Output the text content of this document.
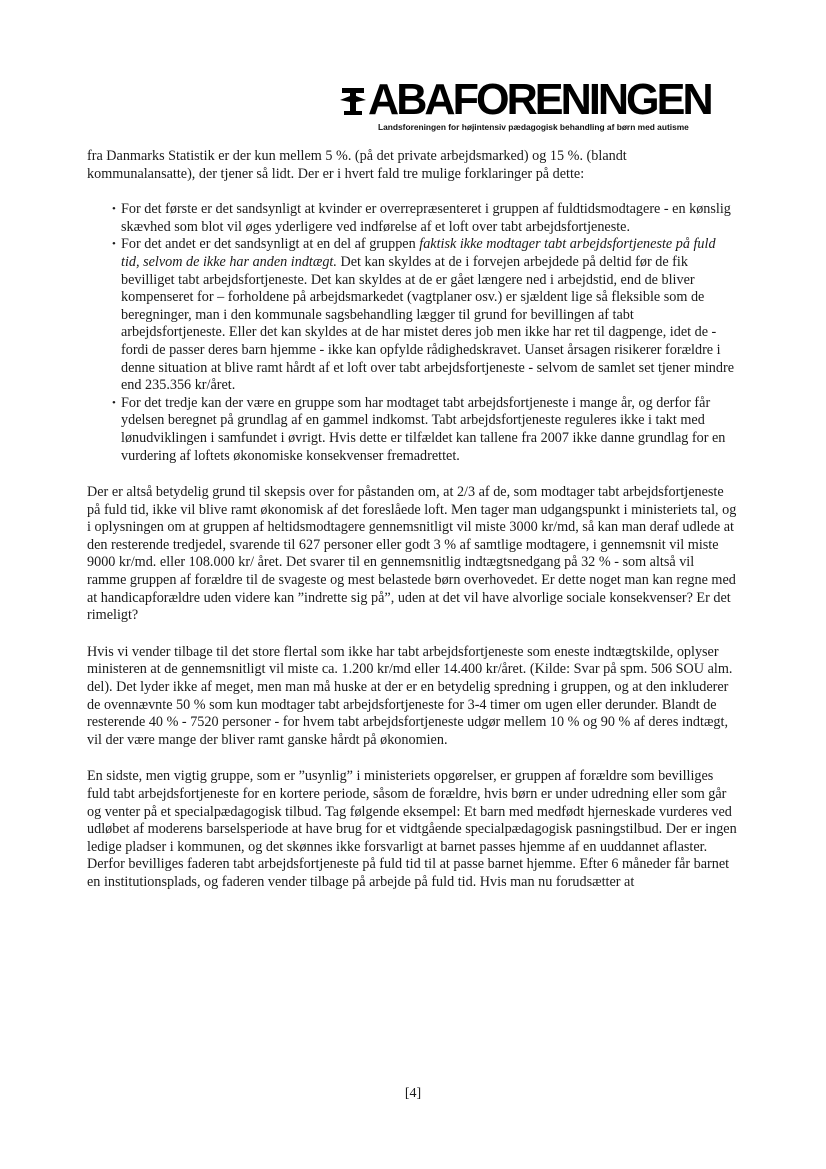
ABAFORENINGEN
Landsforeningen for højintensiv pædagogisk behandling af børn med autisme

fra Danmarks Statistik er der kun mellem 5 %. (på det private arbejdsmarked) og 15 %. (blandt kommunalansatte), der tjener så lidt. Der er i hvert fald tre mulige forklaringer på dette:

• For det første er det sandsynligt at kvinder er overrepræsenteret i gruppen af fuldtidsmodtagere - en kønslig skævhed som blot vil øges yderligere ved indførelse af et loft over tabt arbejdsfortjeneste.
• For det andet er det sandsynligt at en del af gruppen faktisk ikke modtager tabt arbejdsfortjeneste på fuld tid, selvom de ikke har anden indtægt. Det kan skyldes at de i forvejen arbejdede på deltid før de fik bevilliget tabt arbejdsfortjeneste. Det kan skyldes at de er gået længere ned i arbejdstid, end de bliver kompenseret for – forholdene på arbejdsmarkedet (vagtplaner osv.) er sjældent lige så fleksible som de beregninger, man i den kommunale sagsbehandling lægger til grund for bevillingen af tabt arbejdsfortjeneste. Eller det kan skyldes at de har mistet deres job men ikke har ret til dagpenge, idet de - fordi de passer deres barn hjemme - ikke kan opfylde rådighedskravet. Uanset årsagen risikerer forældre i denne situation at blive ramt hårdt af et loft over tabt arbejdsfortjeneste - selvom de samlet set tjener mindre end 235.356 kr/året.
• For det tredje kan der være en gruppe som har modtaget tabt arbejdsfortjeneste i mange år, og derfor får ydelsen beregnet på grundlag af en gammel indkomst. Tabt arbejdsfortjeneste reguleres ikke i takt med lønudviklingen i samfundet i øvrigt. Hvis dette er tilfældet kan tallene fra 2007 ikke danne grundlag for en vurdering af loftets økonomiske konsekvenser fremadrettet.

Der er altså betydelig grund til skepsis over for påstanden om, at 2/3 af de, som modtager tabt arbejdsfortjeneste på fuld tid, ikke vil blive ramt økonomisk af det foreslåede loft. Men tager man udgangspunkt i ministeriets tal, og i oplysningen om at gruppen af heltidsmodtagere gennemsnitligt vil miste 3000 kr/md, så kan man deraf udlede at den resterende tredjedel, svarende til 627 personer eller godt 3 % af samtlige modtagere, i gennemsnit vil miste 9000 kr/md. eller 108.000 kr/ året. Det svarer til en gennemsnitlig indtægtsnedgang på 32 % - som altså vil ramme gruppen af forældre til de svageste og mest belastede børn overhovedet. Er dette noget man kan regne med at handicapforældre uden videre kan ”indrette sig på”, uden at det vil have alvorlige sociale konsekvenser? Er det rimeligt?

Hvis vi vender tilbage til det store flertal som ikke har tabt arbejdsfortjeneste som eneste indtægtskilde, oplyser ministeren at de gennemsnitligt vil miste ca. 1.200 kr/md eller 14.400 kr/året. (Kilde: Svar på spm. 506 SOU alm. del). Det lyder ikke af meget, men man må huske at der er en betydelig spredning i gruppen, og at den inkluderer de ovennævnte 50 % som kun modtager tabt arbejdsfortjeneste for 3-4 timer om ugen eller derunder. Blandt de resterende 40 % - 7520 personer - for hvem tabt arbejdsfortjeneste udgør mellem 10 % og 90 % af deres indtægt, vil der være mange der bliver ramt ganske hårdt på økonomien.

En sidste, men vigtig gruppe, som er ”usynlig” i ministeriets opgørelser, er gruppen af forældre som bevilliges fuld tabt arbejdsfortjeneste for en kortere periode, såsom de forældre, hvis børn er under udredning eller som går og venter på et specialpædagogisk tilbud. Tag følgende eksempel: Et barn med medfødt hjerneskade vurderes ved udløbet af moderens barselsperiode at have brug for et vidtgående specialpædagogisk pasningstilbud. Der er ingen ledige pladser i kommunen, og det skønnes ikke forsvarligt at barnet passes hjemme af en uuddannet aflaster. Derfor bevilliges faderen tabt arbejdsfortjeneste på fuld tid til at passe barnet hjemme. Efter 6 måneder får barnet en institutionsplads, og faderen vender tilbage på arbejde på fuld tid. Hvis man nu forudsætter at

[4]
